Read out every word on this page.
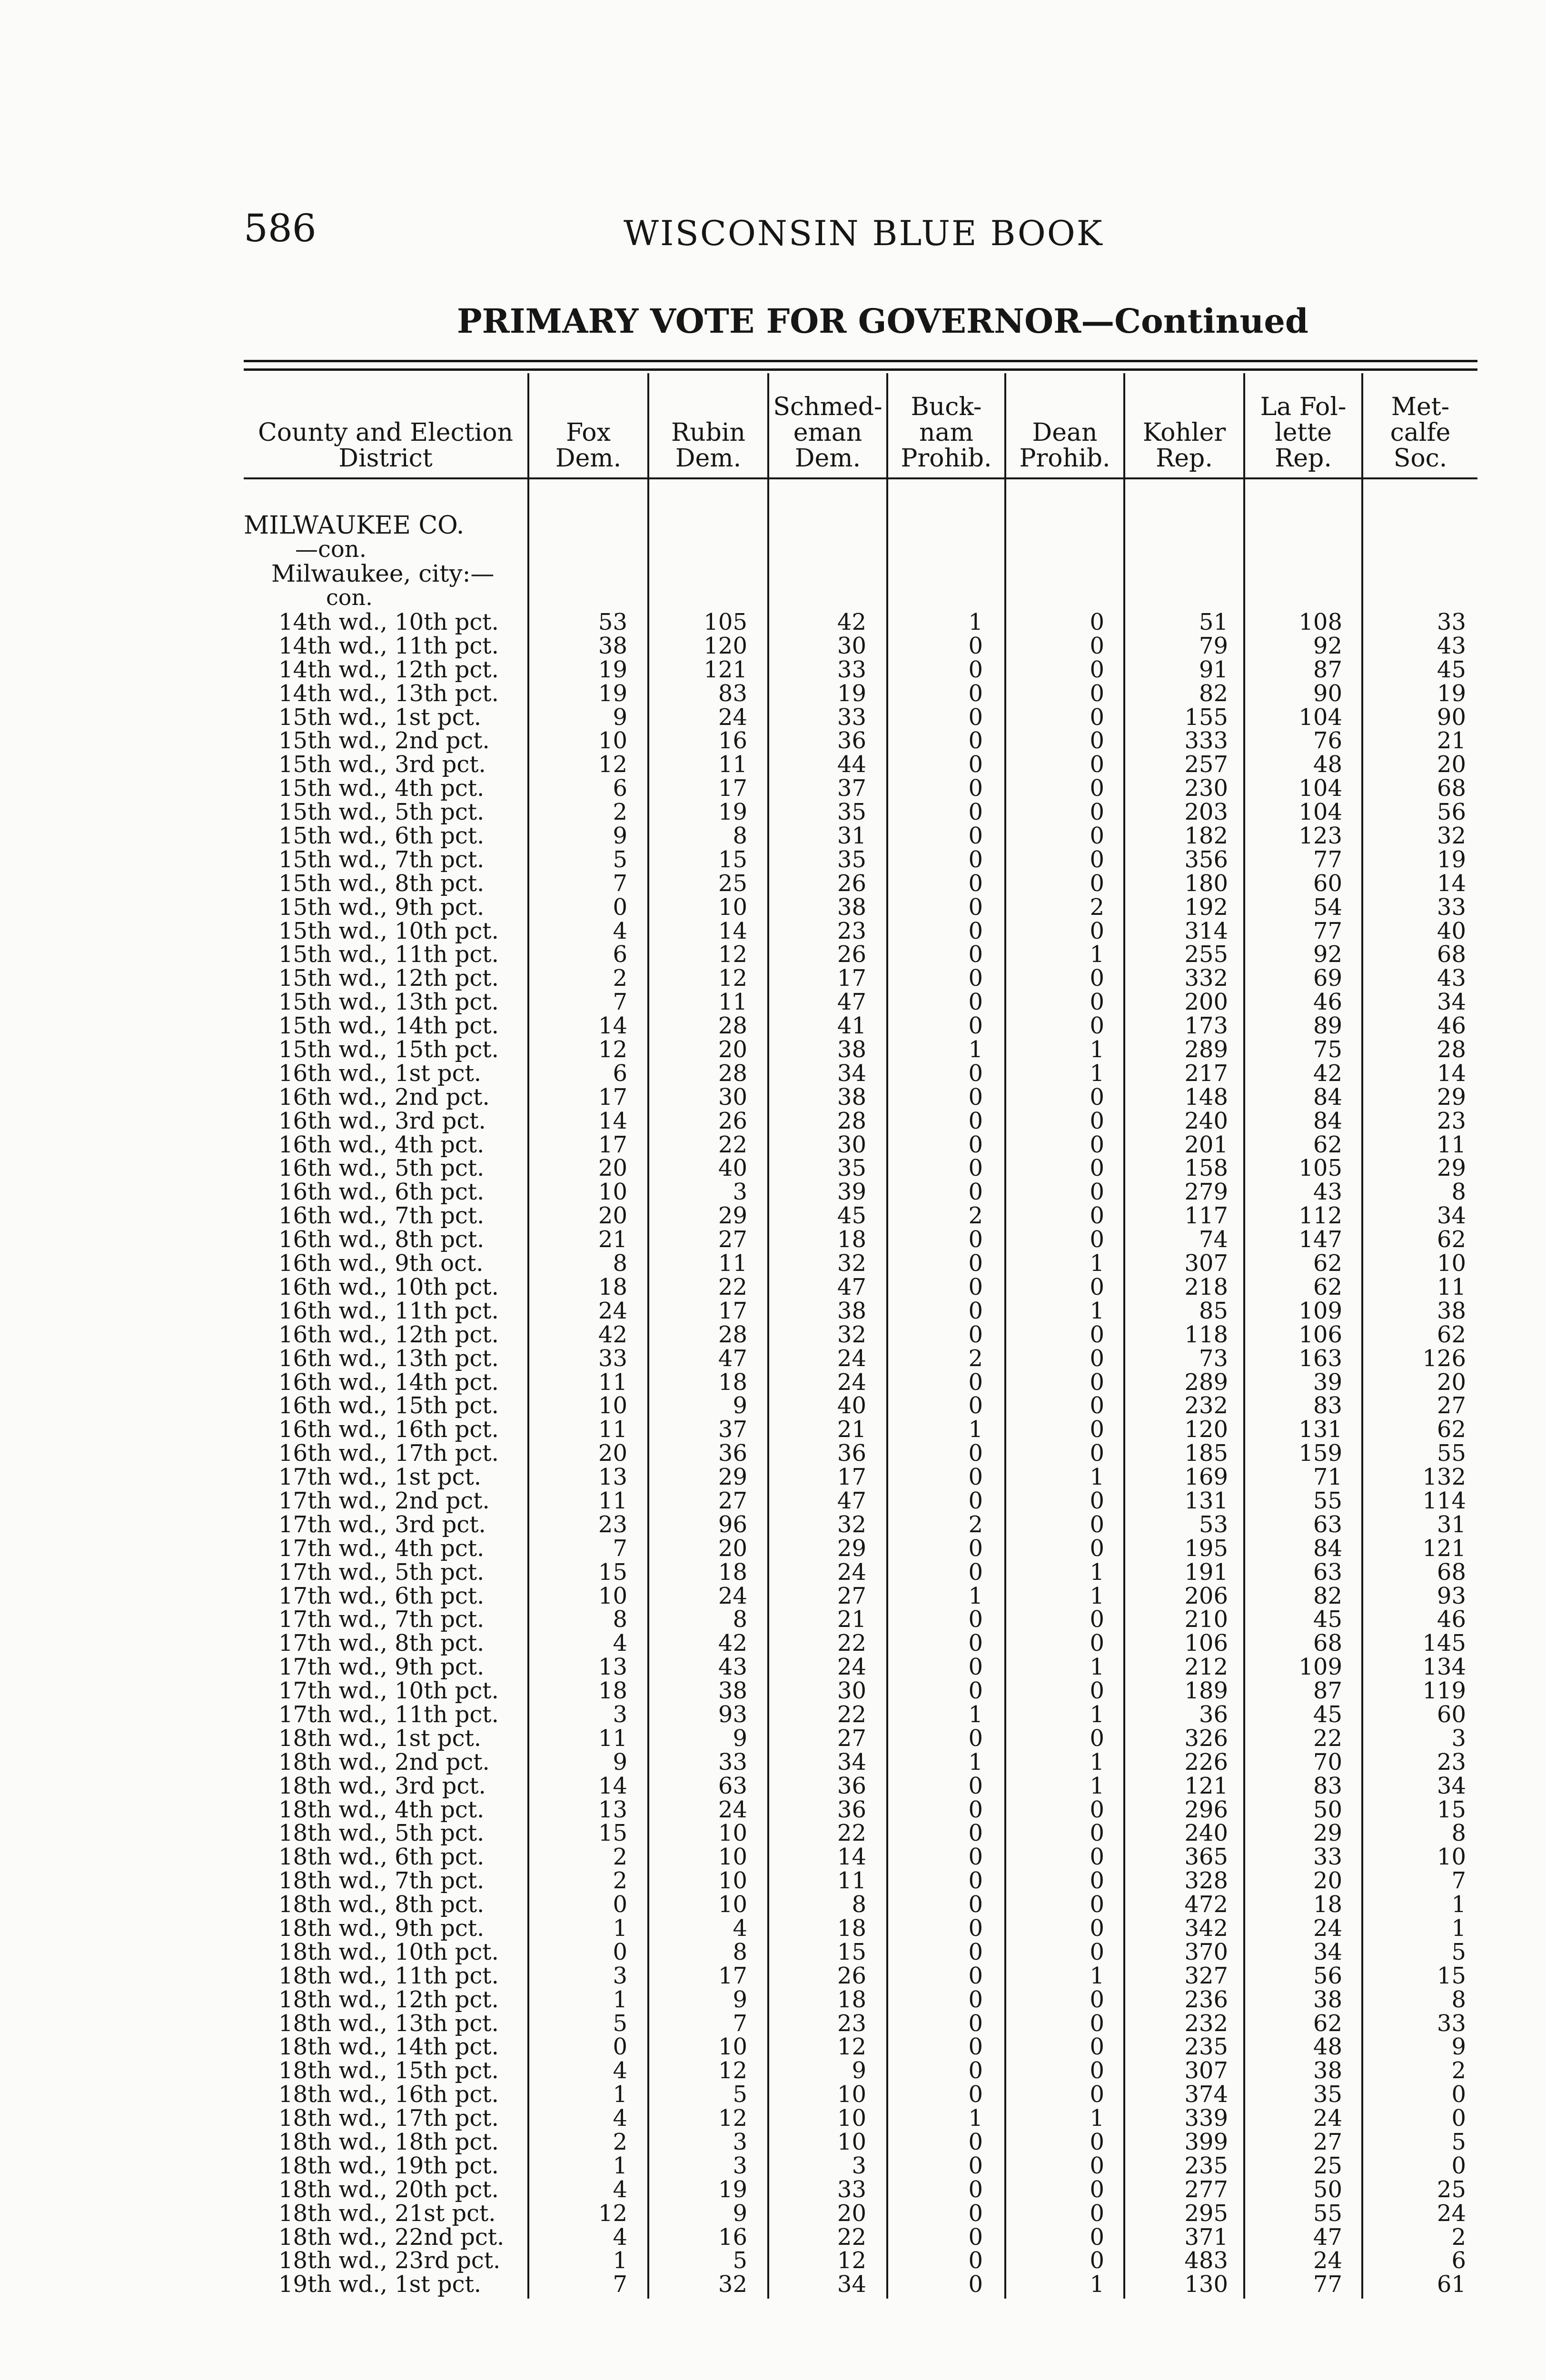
586	WISCONSIN BLUE BOOK
PRIMARY VOTE FOR GOVERNOR—Continued
County and Election
District
Fox
Dem.
Rubin
Dem.
Schmed-
eman
Dem.
Buck-
nam
Prohib.
Dean
Prohib.
Kohler
Rep.
La Fol-
lette
Rep.
Met-
calfe
Soc.
MILWAUKEE CO.
—con.
Milwaukee, city:—
con.
14th wd., 10th pct.	53	105	42	1	0	51	108	33
14th wd., 11th pct.	38	120	30	0	0	79	92	43
14th wd., 12th pct.	19	121	33	0	0	91	87	45
14th wd., 13th pct.	19	83	19	0	0	82	90	19
15th wd., 1st pct.	9	24	33	0	0	155	104	90
15th wd., 2nd pct.	10	16	36	0	0	333	76	21
15th wd., 3rd pct.	12	11	44	0	0	257	48	20
15th wd., 4th pct.	6	17	37	0	0	230	104	68
15th wd., 5th pct.	2	19	35	0	0	203	104	56
15th wd., 6th pct.	9	8	31	0	0	182	123	32
15th wd., 7th pct.	5	15	35	0	0	356	77	19
15th wd., 8th pct.	7	25	26	0	0	180	60	14
15th wd., 9th pct.	0	10	38	0	2	192	54	33
15th wd., 10th pct.	4	14	23	0	0	314	77	40
15th wd., 11th pct.	6	12	26	0	1	255	92	68
15th wd., 12th pct.	2	12	17	0	0	332	69	43
15th wd., 13th pct.	7	11	47	0	0	200	46	34
15th wd., 14th pct.	14	28	41	0	0	173	89	46
15th wd., 15th pct.	12	20	38	1	1	289	75	28
16th wd., 1st pct.	6	28	34	0	1	217	42	14
16th wd., 2nd pct.	17	30	38	0	0	148	84	29
16th wd., 3rd pct.	14	26	28	0	0	240	84	23
16th wd., 4th pct.	17	22	30	0	0	201	62	11
16th wd., 5th pct.	20	40	35	0	0	158	105	29
16th wd., 6th pct.	10	3	39	0	0	279	43	8
16th wd., 7th pct.	20	29	45	2	0	117	112	34
16th wd., 8th pct.	21	27	18	0	0	74	147	62
16th wd., 9th oct.	8	11	32	0	1	307	62	10
16th wd., 10th pct.	18	22	47	0	0	218	62	11
16th wd., 11th pct.	24	17	38	0	1	85	109	38
16th wd., 12th pct.	42	28	32	0	0	118	106	62
16th wd., 13th pct.	33	47	24	2	0	73	163	126
16th wd., 14th pct.	11	18	24	0	0	289	39	20
16th wd., 15th pct.	10	9	40	0	0	232	83	27
16th wd., 16th pct.	11	37	21	1	0	120	131	62
16th wd., 17th pct.	20	36	36	0	0	185	159	55
17th wd., 1st pct.	13	29	17	0	1	169	71	132
17th wd., 2nd pct.	11	27	47	0	0	131	55	114
17th wd., 3rd pct.	23	96	32	2	0	53	63	31
17th wd., 4th pct.	7	20	29	0	0	195	84	121
17th wd., 5th pct.	15	18	24	0	1	191	63	68
17th wd., 6th pct.	10	24	27	1	1	206	82	93
17th wd., 7th pct.	8	8	21	0	0	210	45	46
17th wd., 8th pct.	4	42	22	0	0	106	68	145
17th wd., 9th pct.	13	43	24	0	1	212	109	134
17th wd., 10th pct.	18	38	30	0	0	189	87	119
17th wd., 11th pct.	3	93	22	1	1	36	45	60
18th wd., 1st pct.	11	9	27	0	0	326	22	3
18th wd., 2nd pct.	9	33	34	1	1	226	70	23
18th wd., 3rd pct.	14	63	36	0	1	121	83	34
18th wd., 4th pct.	13	24	36	0	0	296	50	15
18th wd., 5th pct.	15	10	22	0	0	240	29	8
18th wd., 6th pct.	2	10	14	0	0	365	33	10
18th wd., 7th pct.	2	10	11	0	0	328	20	7
18th wd., 8th pct.	0	10	8	0	0	472	18	1
18th wd., 9th pct.	1	4	18	0	0	342	24	1
18th wd., 10th pct.	0	8	15	0	0	370	34	5
18th wd., 11th pct.	3	17	26	0	1	327	56	15
18th wd., 12th pct.	1	9	18	0	0	236	38	8
18th wd., 13th pct.	5	7	23	0	0	232	62	33
18th wd., 14th pct.	0	10	12	0	0	235	48	9
18th wd., 15th pct.	4	12	9	0	0	307	38	2
18th wd., 16th pct.	1	5	10	0	0	374	35	0
18th wd., 17th pct.	4	12	10	1	1	339	24	0
18th wd., 18th pct.	2	3	10	0	0	399	27	5
18th wd., 19th pct.	1	3	3	0	0	235	25	0
18th wd., 20th pct.	4	19	33	0	0	277	50	25
18th wd., 21st pct.	12	9	20	0	0	295	55	24
18th wd., 22nd pct.	4	16	22	0	0	371	47	2
18th wd., 23rd pct.	1	5	12	0	0	483	24	6
19th wd., 1st pct.	7	32	34	0	1	130	77	61
